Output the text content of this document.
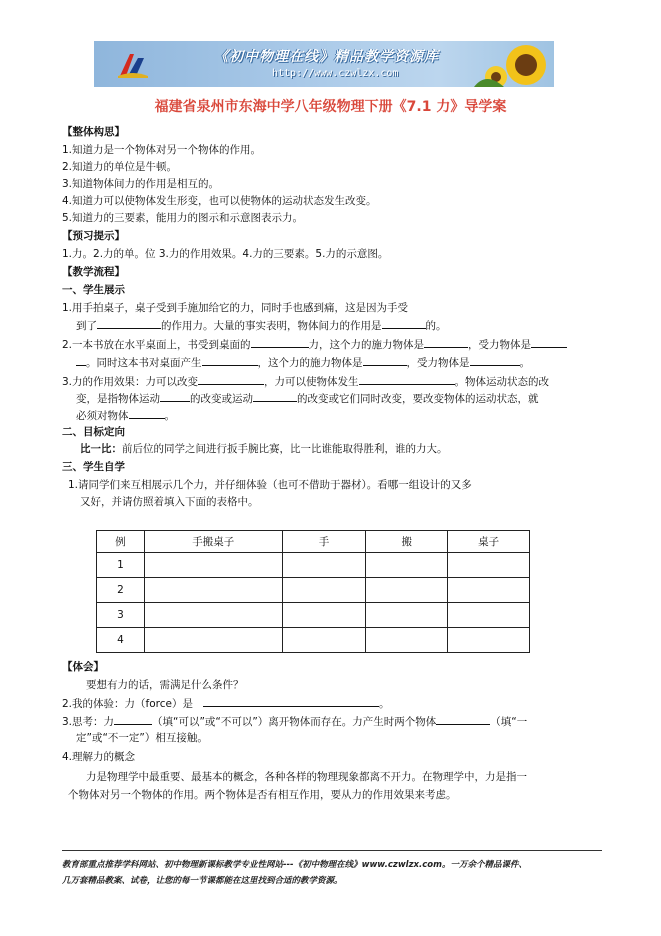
《初中物理在线》精品教学资源库
http://www.czwlzx.com
福建省泉州市东海中学八年级物理下册《7.1 力》导学案
【整体构思】
1.知道力是一个物体对另一个物体的作用。
2.知道力的单位是牛顿。
3.知道物体间力的作用是相互的。
4.知道力可以使物体发生形变，也可以使物体的运动状态发生改变。
5.知道力的三要素，能用力的图示和示意图表示力。
【预习提示】
1.力。2.力的单。位 3.力的作用效果。4.力的三要素。5.力的示意图。
【教学流程】
一、学生展示
1.用手拍桌子，桌子受到手施加给它的力，同时手也感到痛，这是因为手受
到了	的作用力。大量的事实表明，物体间力的作用是	的。
2.一本书放在水平桌面上，书受到桌面的	力，这个力的施力物体是	，受力物体是
。同时这本书对桌面产生	，这个力的施力物体是	，受力物体是	。
3.力的作用效果：力可以改变	，力可以使物体发生	。物体运动状态的改
变，是指物体运动	的改变或运动	的改变或它们同时改变，要改变物体的运动状态，就
必须对物体	。
二、目标定向
比一比：前后位的同学之间进行扳手腕比赛，比一比谁能取得胜利，谁的力大。
三、学生自学
1.请同学们来互相展示几个力，并仔细体验（也可不借助于器材）。看哪一组设计的又多
又好，并请仿照着填入下面的表格中。
例	手搬桌子	手	搬	桌子
1				
2				
3				
4				
【体会】
要想有力的话，需满足什么条件？
2.我的体验：力（force）是	。
3.思考：力	（填“可以”或“不可以”）离开物体而存在。力产生时两个物体	（填“一
定”或“不一定”）相互接触。
4.理解力的概念
力是物理学中最重要、最基本的概念，各种各样的物理现象都离不开力。在物理学中，力是指一
个物体对另一个物体的作用。两个物体是否有相互作用，要从力的作用效果来考虑。
教育部重点推荐学科网站、初中物理新课标教学专业性网站---《初中物理在线》www.czwlzx.com。一万余个精品课件、
几万套精品教案、试卷，让您的每一节课都能在这里找到合适的教学资源。
